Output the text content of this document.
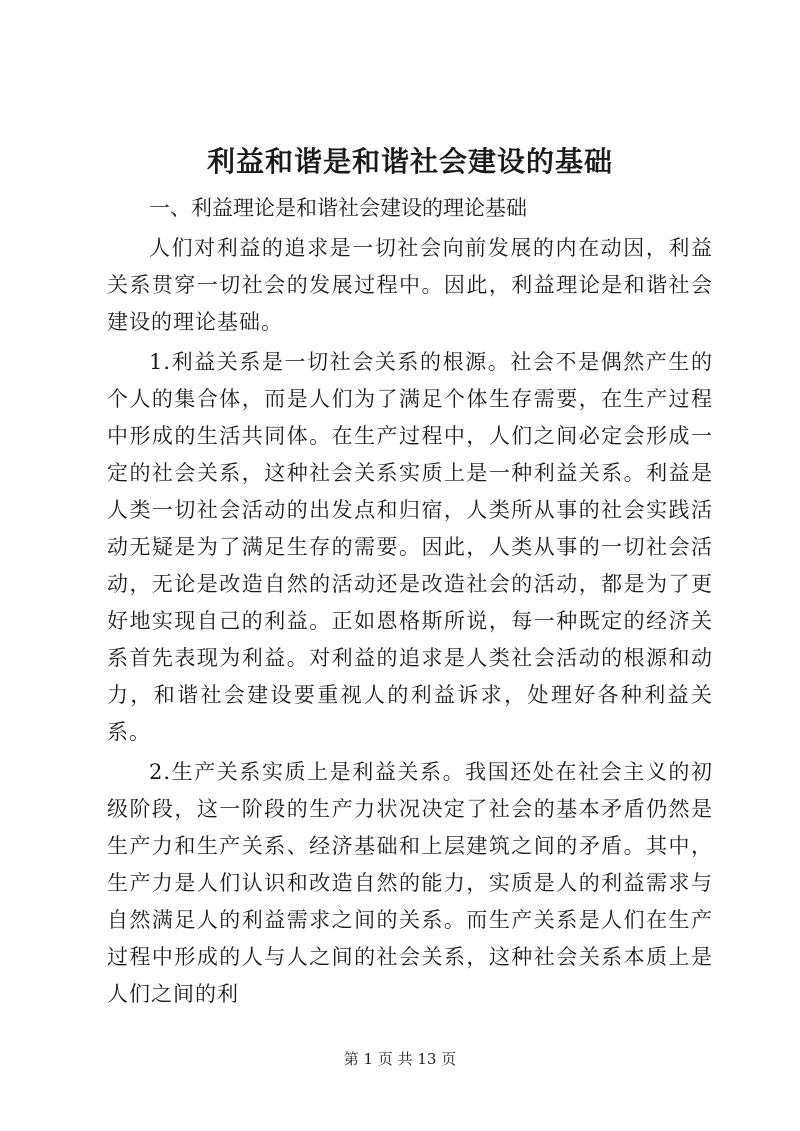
利益和谐是和谐社会建设的基础

一、利益理论是和谐社会建设的理论基础

人们对利益的追求是一切社会向前发展的内在动因，利益关系贯穿一切社会的发展过程中。因此，利益理论是和谐社会建设的理论基础。

1.利益关系是一切社会关系的根源。社会不是偶然产生的个人的集合体，而是人们为了满足个体生存需要，在生产过程中形成的生活共同体。在生产过程中，人们之间必定会形成一定的社会关系，这种社会关系实质上是一种利益关系。利益是人类一切社会活动的出发点和归宿，人类所从事的社会实践活动无疑是为了满足生存的需要。因此，人类从事的一切社会活动，无论是改造自然的活动还是改造社会的活动，都是为了更好地实现自己的利益。正如恩格斯所说，每一种既定的经济关系首先表现为利益。对利益的追求是人类社会活动的根源和动力，和谐社会建设要重视人的利益诉求，处理好各种利益关系。

2.生产关系实质上是利益关系。我国还处在社会主义的初级阶段，这一阶段的生产力状况决定了社会的基本矛盾仍然是生产力和生产关系、经济基础和上层建筑之间的矛盾。其中，生产力是人们认识和改造自然的能力，实质是人的利益需求与自然满足人的利益需求之间的关系。而生产关系是人们在生产过程中形成的人与人之间的社会关系，这种社会关系本质上是人们之间的利

第 1 页 共 13 页
